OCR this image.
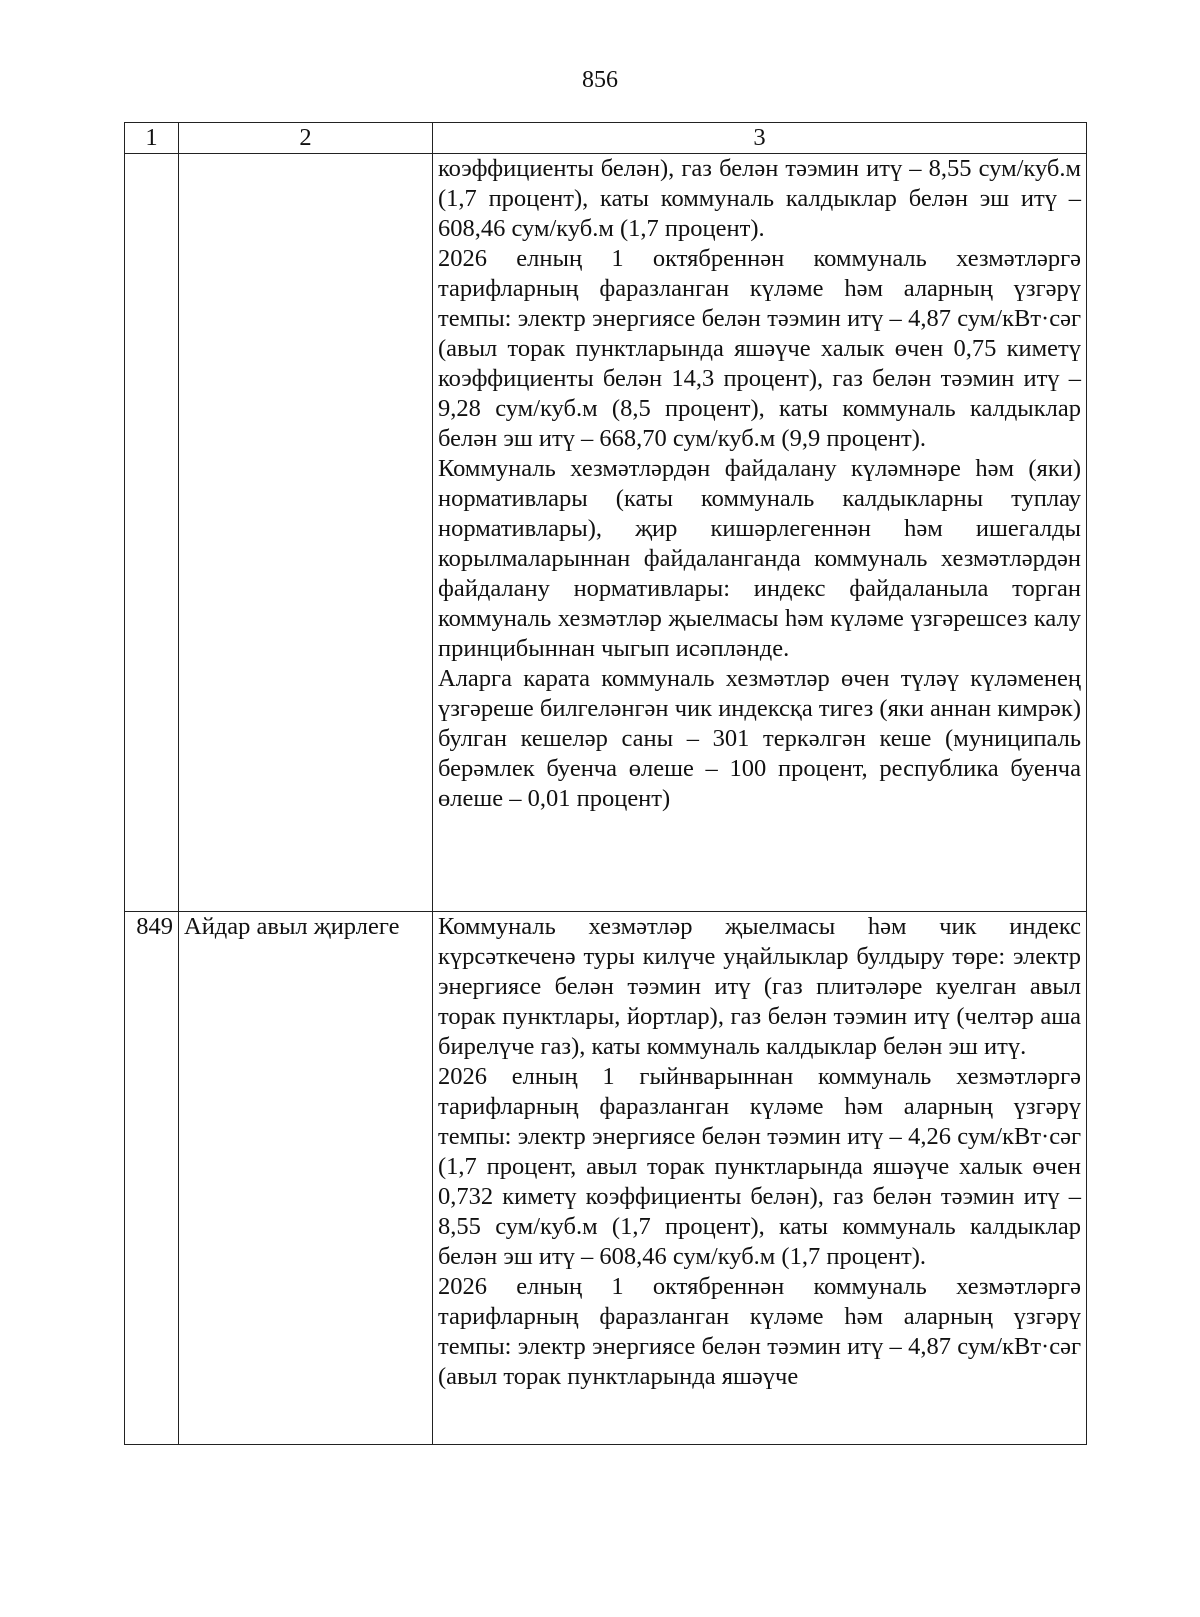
856
1	2	3

		коэффициенты белән), газ белән тәэмин итү – 8,55 сум/куб.м (1,7 процент), каты коммуналь калдыклар белән эш итү – 608,46 сум/куб.м (1,7 процент).

2026 елның 1 октябреннән коммуналь хезмәтләргә тарифларның фаразланган күләме һәм аларның үзгәрү темпы: электр энергиясе белән тәэмин итү – 4,87 сум/кВт·сәг (авыл торак пунктларында яшәүче халык өчен 0,75 киметү коэффициенты белән 14,3 процент), газ белән тәэмин итү – 9,28 сум/куб.м (8,5 процент), каты коммуналь калдыклар белән эш итү – 668,70 сум/куб.м (9,9 процент).

Коммуналь хезмәтләрдән файдалану күләмнәре һәм (яки) нормативлары (каты коммуналь калдыкларны туплау нормативлары), җир кишәрлегеннән һәм ишегалды корылмаларыннан файдаланганда коммуналь хезмәтләрдән файдалану нормативлары: индекс файдаланыла торган коммуналь хезмәтләр җыелмасы һәм күләме үзгәрешсез калу принцибыннан чыгып исәпләнде.

Аларга карата коммуналь хезмәтләр өчен түләү күләменең үзгәреше билгеләнгән чик индексқа тигез (яки аннан кимрәк) булган кешеләр саны – 301 теркәлгән кеше (муниципаль берәмлек буенча өлеше – 100 процент, республика буенча өлеше – 0,01 процент)

849	Айдар авыл җирлеге	Коммуналь хезмәтләр җыелмасы һәм чик индекс күрсәткеченә туры килүче уңайлыклар булдыру төре: электр энергиясе белән тәэмин итү (газ плитәләре куелган авыл торак пунктлары, йортлар), газ белән тәэмин итү (челтәр аша бирелүче газ), каты коммуналь калдыклар белән эш итү.

2026 елның 1 гыйнварыннан коммуналь хезмәтләргә тарифларның фаразланган күләме һәм аларның үзгәрү темпы: электр энергиясе белән тәэмин итү – 4,26 сум/кВт·сәг (1,7 процент, авыл торак пунктларында яшәүче халык өчен 0,732 киметү коэффициенты белән), газ белән тәэмин итү – 8,55 сум/куб.м (1,7 процент), каты коммуналь калдыклар белән эш итү – 608,46 сум/куб.м (1,7 процент).

2026 елның 1 октябреннән коммуналь хезмәтләргә тарифларның фаразланган күләме һәм аларның үзгәрү темпы: электр энергиясе белән тәэмин итү – 4,87 сум/кВт·сәг (авыл торак пунктларында яшәүче
